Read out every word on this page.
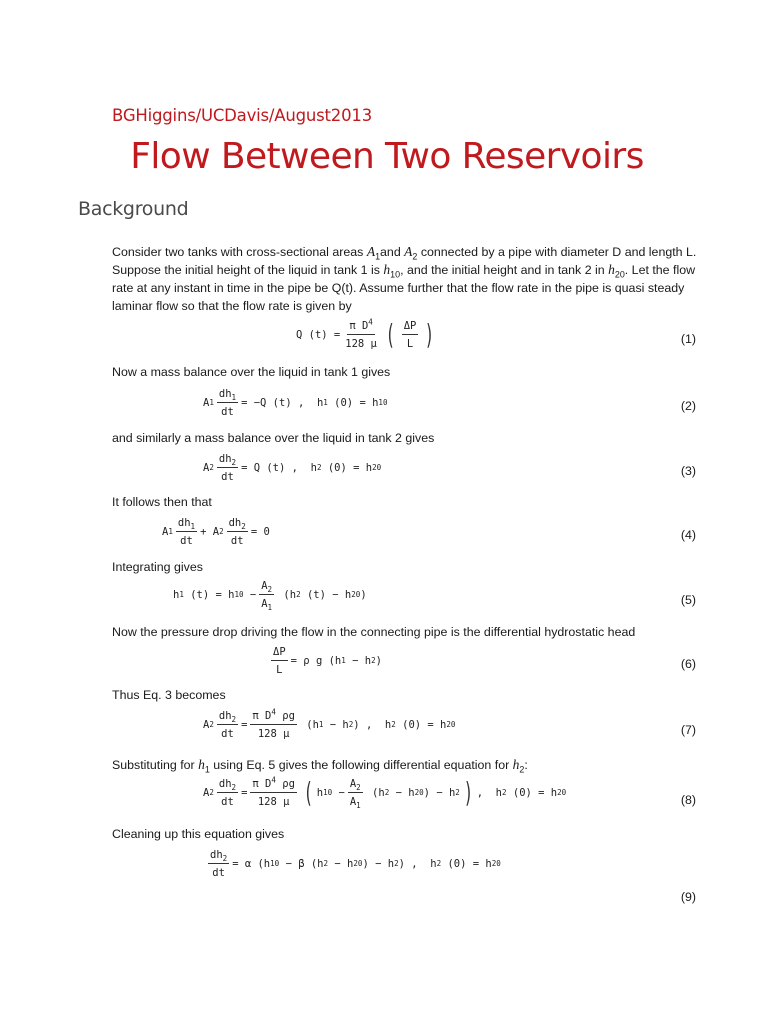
BGHiggins/UCDavis/August2013
Flow Between Two Reservoirs
Background
Consider two tanks with cross-sectional areas $A_1and$ $A_2$ connected by a pipe with diameter D and length L. Suppose the initial height of the liquid in tank 1 is $h_{10}$, and the initial height and in tank 2 in $h_{20}$. Let the flow rate at any instant in time in the pipe be Q(t). Assume further that the flow rate in the pipe is quasi steady laminar flow so that the flow rate is given by
Q $(t) = \frac{\pi D^4}{128 \mu}$ ( $\frac{\Delta P}{L}$ )	(1)
Now a mass balance over the liquid in tank 1 gives
A $1 \frac{dh_1}{dt} = -Q$ (t) ,
h 1
(0) = h 10	(2)
and similarly a mass balance over the liquid in tank 2 gives
A $2 \frac{dh_2}{dt} = Q$ (t) ,
h 2
(0) = h 20	(3)
It follows then that
A $1 \frac{dh_1}{dt}$ +
A $2 \frac{dh_2}{dt} = 0$	(4)
Integrating gives
h 1
(t) = h 10
− $\frac{A_2}{A_1}$ ( h 2
(t) − h 20 )	(5)
Now the pressure drop driving the flow in the connecting pipe is the differential hydrostatic head
$\frac{\Delta P}{L} = \rho$ g (h 1
−
h 2 )	(6)
Thus Eq. 3 becomes
A $2 \frac{dh_2}{dt} = \frac{\pi D^4 \rho g}{128 \mu}$ ( h 1
−
h 2 ) ,
h 2
(0) = h 20	(7)
Substituting for $h_1$ using Eq. 5 gives the following differential equation for $h_2$:
A $2 \frac{dh_2}{dt} = \frac{\pi D^4 \rho g}{128 \mu}$ ( h 10
− $\frac{A_2}{A_1}$ ( h 2
−
h 20 ) −
h 2 ) , h 2
(0) = h 20
(8)
Cleaning up this equation gives
$\frac{dh_2}{dt} = \alpha$ (h 10
− β (h 2
−
h 20 ) −
h 2 ) ,
h 2
(0) = h 20
(9)
